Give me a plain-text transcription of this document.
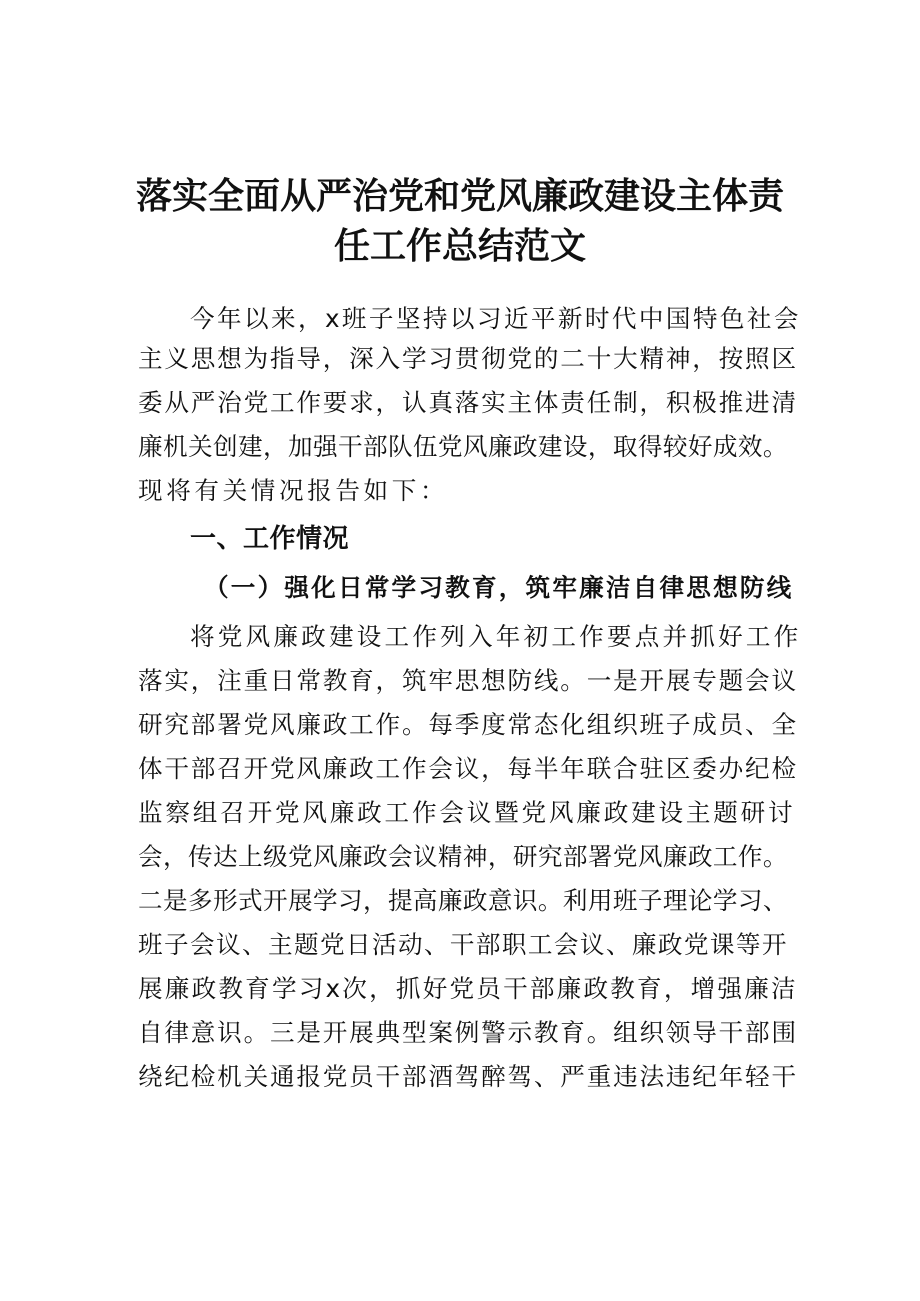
落实全面从严治党和党风廉政建设主体责
任工作总结范文

今年以来，x班子坚持以习近平新时代中国特色社会

主义思想为指导，深入学习贯彻党的二十大精神，按照区

委从严治党工作要求，认真落实主体责任制，积极推进清

廉机关创建，加强干部队伍党风廉政建设，取得较好成效。

现将有关情况报告如下：

一、工作情况
（一）强化日常学习教育，筑牢廉洁自律思想防线

将党风廉政建设工作列入年初工作要点并抓好工作

落实，注重日常教育，筑牢思想防线。一是开展专题会议

研究部署党风廉政工作。每季度常态化组织班子成员、全

体干部召开党风廉政工作会议，每半年联合驻区委办纪检

监察组召开党风廉政工作会议暨党风廉政建设主题研讨

会，传达上级党风廉政会议精神，研究部署党风廉政工作。

二是多形式开展学习，提高廉政意识。利用班子理论学习、

班子会议、主题党日活动、干部职工会议、廉政党课等开

展廉政教育学习x次，抓好党员干部廉政教育，增强廉洁

自律意识。三是开展典型案例警示教育。组织领导干部围

绕纪检机关通报党员干部酒驾醉驾、严重违法违纪年轻干
